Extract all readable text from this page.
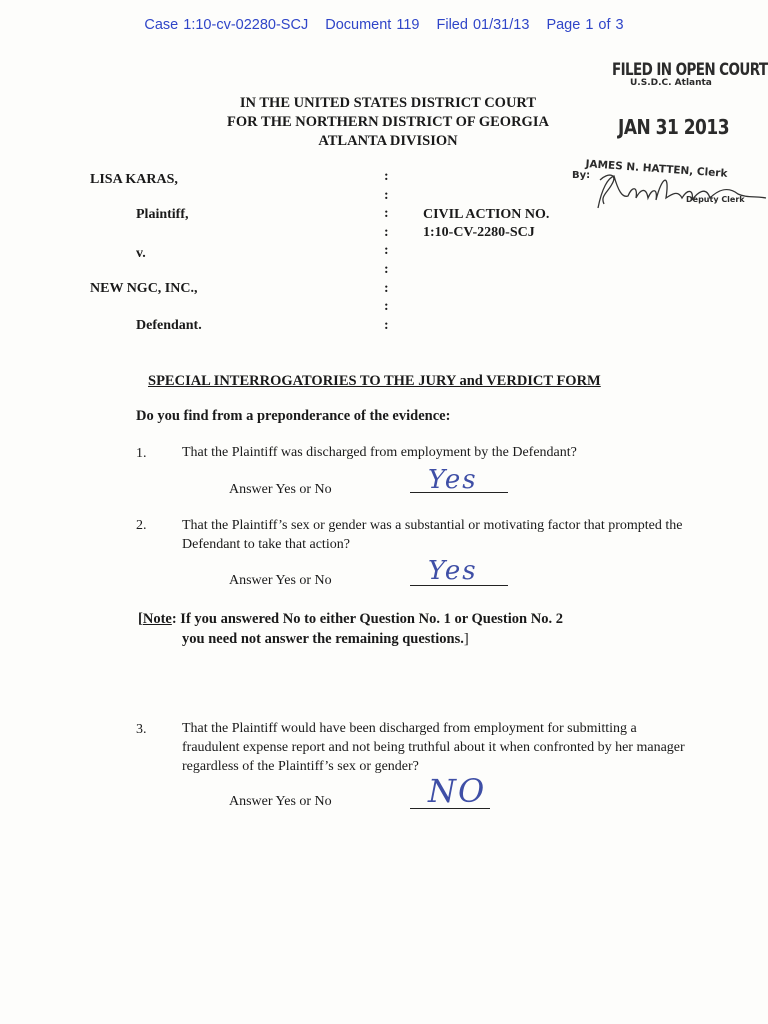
Case 1:10-cv-02280-SCJ Document 119 Filed 01/31/13 Page 1 of 3
FILED IN OPEN COURT
U.S.D.C. Atlanta
JAN 31 2013
JAMES N. HATTEN, Clerk
By:
Deputy Clerk
IN THE UNITED STATES DISTRICT COURT
FOR THE NORTHERN DISTRICT OF GEORGIA
ATLANTA DIVISION
LISA KARAS,
Plaintiff,
v.
NEW NGC, INC.,
Defendant.
:
:
:
:
:
:
:
:
:
CIVIL ACTION NO.
1:10-CV-2280-SCJ
SPECIAL INTERROGATORIES TO THE JURY and VERDICT FORM
Do you find from a preponderance of the evidence:
1.	That the Plaintiff was discharged from employment by the Defendant?
Answer Yes or No	Yes
2.	That the Plaintiff’s sex or gender was a substantial or motivating factor that prompted the Defendant to take that action?
Answer Yes or No	Yes
[Note: If you answered No to either Question No. 1 or Question No. 2
you need not answer the remaining questions.]
3.	That the Plaintiff would have been discharged from employment for submitting a fraudulent expense report and not being truthful about it when confronted by her manager regardless of the Plaintiff’s sex or gender?
Answer Yes or No	NO
